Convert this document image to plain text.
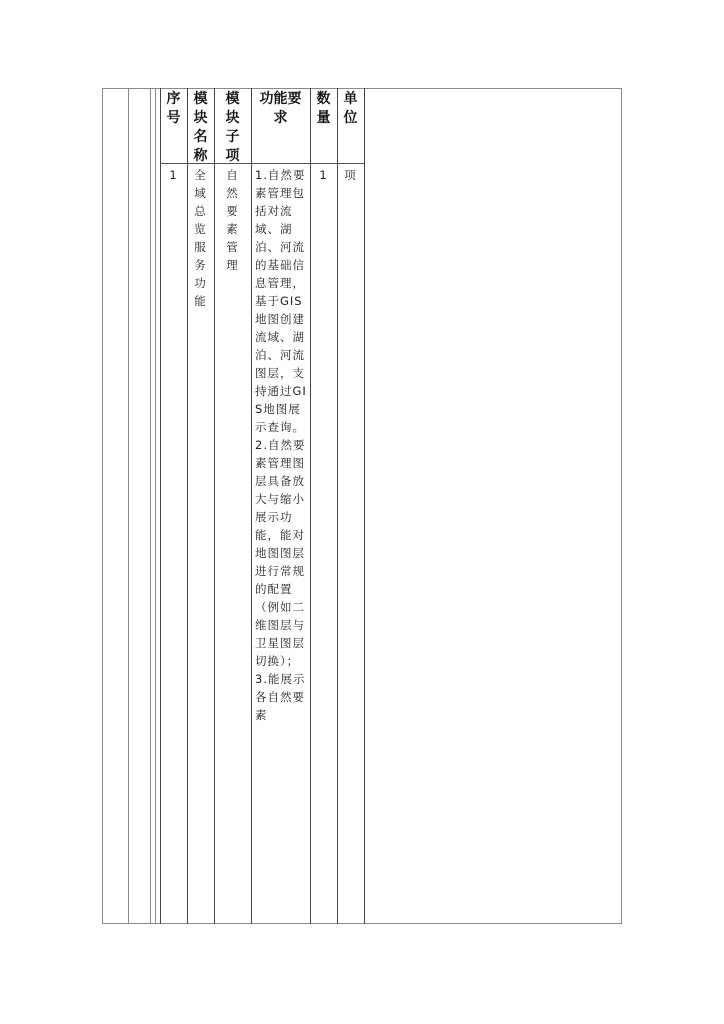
序号
模块名称
模块子项
功能要求
数量
单位
1	全域总览服务功能
自然要素管理
1.自然要素管理包括对流域、湖泊、河流的基础信息管理，基于GIS地图创建流域、湖泊、河流图层，支持通过GIS地图展示查询。2.自然要素管理图层具备放大与缩小展示功能，能对地图图层进行常规的配置（例如二维图层与卫星图层切换）；3.能展示各自然要素
1	项
